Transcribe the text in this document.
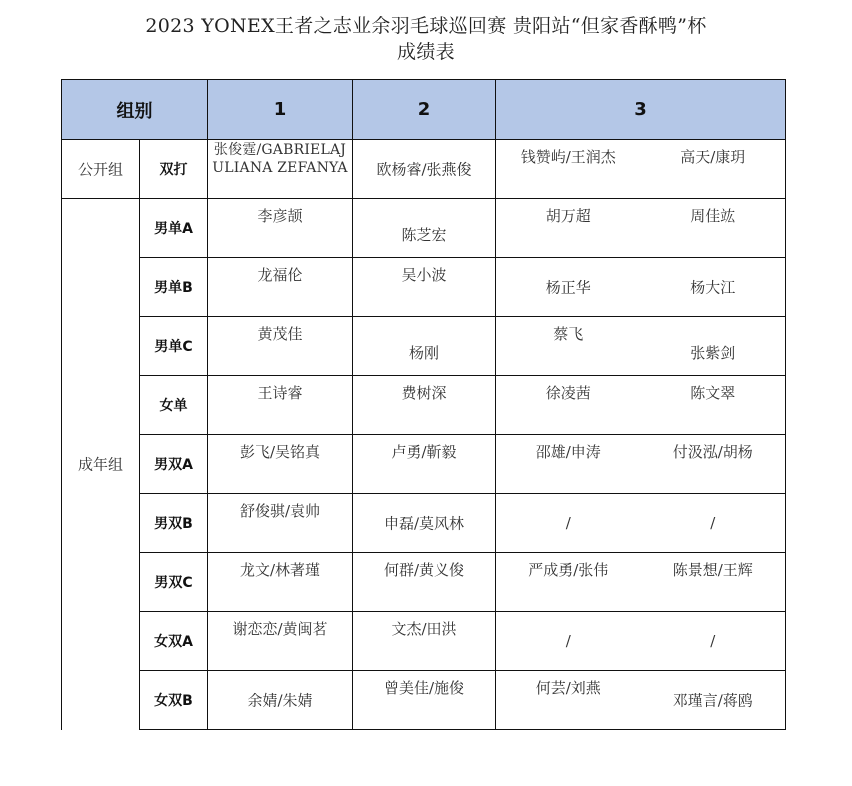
2023 YONEX王者之志业余羽毛球巡回赛 贵阳站“但家香酥鸭”杯
成绩表
组别		1	2	3	

公开组	双打	张俊霆/GABRIELAJULIANA ZEFANYA	欧杨睿/张燕俊	钱赞屿/王润杰	高天/康玥

成年组	男单A	李彦颉	陈芝宏	胡万超	周佳竑

	男单B	龙福伦	吴小波	杨正华	杨大江

	男单C	黄茂佳	杨刚	蔡飞	张紫剑

	女单	王诗睿	费树深	徐凌茜	陈文翠

	男双A	彭飞/吴铭真	卢勇/靳毅	邵雄/申涛	付汲泓/胡杨

	男双B	舒俊骐/袁帅	申磊/莫风林	/	/

	男双C	龙文/林著瑾	何群/黄义俊	严成勇/张伟	陈景想/王辉

	女双A	谢恋恋/黄闽茗	文杰/田洪	/	/

	女双B	余婧/朱婧	曾美佳/施俊	何芸/刘燕	邓瑾言/蒋鸥
